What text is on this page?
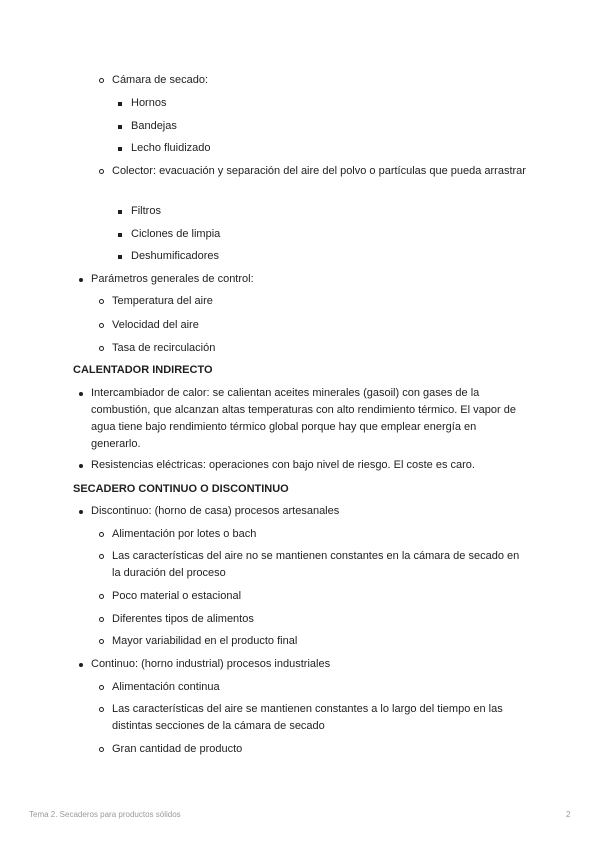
Cámara de secado:
Hornos
Bandejas
Lecho fluidizado
Colector: evacuación y separación del aire del polvo o partículas que pueda arrastrar
Filtros
Ciclones de limpia
Deshumificadores
Parámetros generales de control:
Temperatura del aire
Velocidad del aire
Tasa de recirculación
CALENTADOR INDIRECTO
Intercambiador de calor: se calientan aceites minerales (gasoil) con gases de la combustión, que alcanzan altas temperaturas con alto rendimiento térmico. El vapor de agua tiene bajo rendimiento térmico global porque hay que emplear energía en generarlo.
Resistencias eléctricas: operaciones con bajo nivel de riesgo. El coste es caro.
SECADERO CONTINUO O DISCONTINUO
Discontinuo: (horno de casa) procesos artesanales
Alimentación por lotes o bach
Las características del aire no se mantienen constantes en la cámara de secado en la duración del proceso
Poco material o estacional
Diferentes tipos de alimentos
Mayor variabilidad en el producto final
Continuo: (horno industrial) procesos industriales
Alimentación continua
Las características del aire se mantienen constantes a lo largo del tiempo en las distintas secciones de la cámara de secado
Gran cantidad de producto
Tema 2. Secaderos para productos sólidos	2
